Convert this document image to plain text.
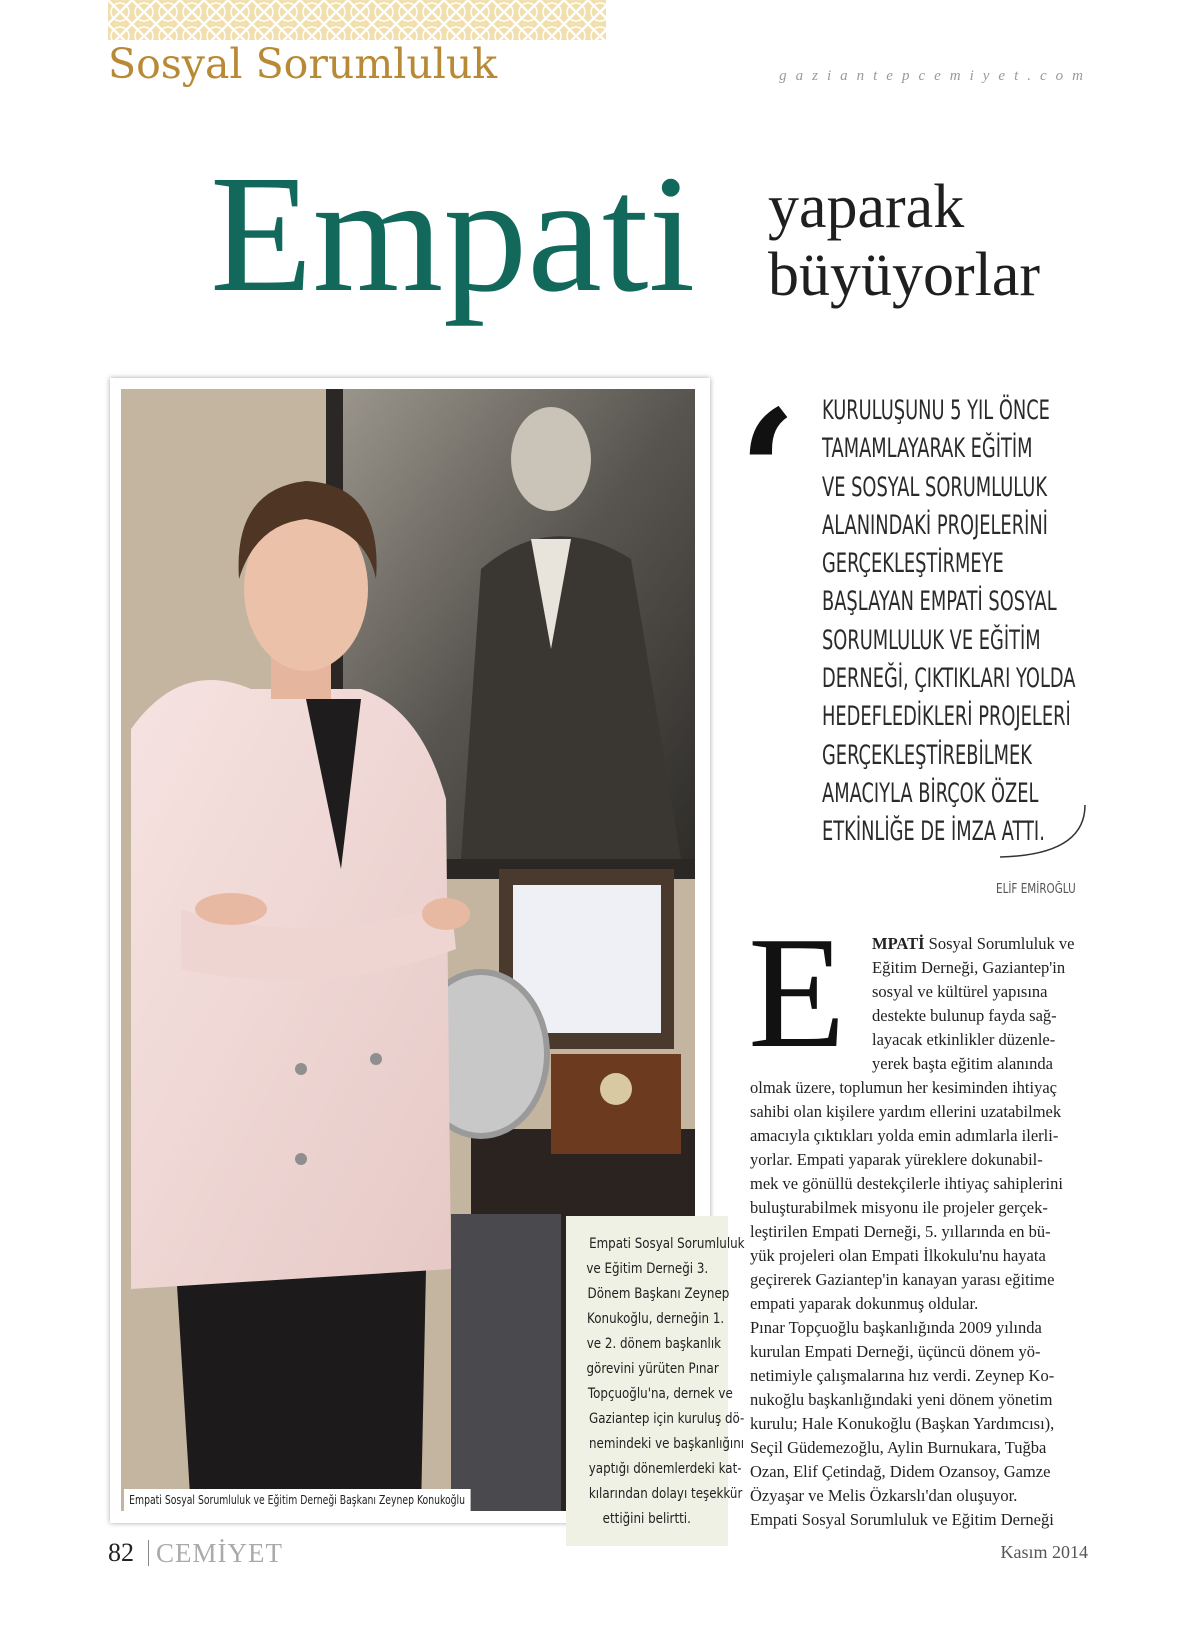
Sosyal Sorumluluk	gaziantepcemiyet.com
Empati yaparak
büyüyorlar
Empati Sosyal Sorumluluk ve Eğitim Derneği Başkanı Zeynep Konukoğlu
Empati Sosyal Sorumluluk
ve Eğitim Derneği 3.
Dönem Başkanı Zeynep
Konukoğlu, derneğin 1.
ve 2. dönem başkanlık
görevini yürüten Pınar
Topçuoğlu'na, dernek ve
Gaziantep için kuruluş dö-
nemindeki ve başkanlığını
yaptığı dönemlerdeki kat-
kılarından dolayı teşekkür
ettiğini belirtti.
‘ KURULUŞUNU 5 YIL ÖNCE
TAMAMLAYARAK EĞİTİM
VE SOSYAL SORUMLULUK
ALANINDAKİ PROJELERİNİ
GERÇEKLEŞTİRMEYE
BAŞLAYAN EMPATİ SOSYAL
SORUMLULUK VE EĞİTİM
DERNEĞİ, ÇIKTIKLARI YOLDA
HEDEFLEDİKLERİ PROJELERİ
GERÇEKLEŞTİREBİLMEK
AMACIYLA BİRÇOK ÖZEL
ETKİNLİĞE DE İMZA ATTI.
ELİF EMİROĞLU
E MPATİ Sosyal Sorumluluk ve
Eğitim Derneği, Gaziantep'in
sosyal ve kültürel yapısına
destekte bulunup fayda sağ-
layacak etkinlikler düzenle-
yerek başta eğitim alanında
olmak üzere, toplumun her kesiminden ihtiyaç
sahibi olan kişilere yardım ellerini uzatabilmek
amacıyla çıktıkları yolda emin adımlarla ilerli-
yorlar. Empati yaparak yüreklere dokunabil-
mek ve gönüllü destekçilerle ihtiyaç sahiplerini
buluşturabilmek misyonu ile projeler gerçek-
leştirilen Empati Derneği, 5. yıllarında en bü-
yük projeleri olan Empati İlkokulu'nu hayata
geçirerek Gaziantep'in kanayan yarası eğitime
empati yaparak dokunmuş oldular.
Pınar Topçuoğlu başkanlığında 2009 yılında
kurulan Empati Derneği, üçüncü dönem yö-
netimiyle çalışmalarına hız verdi. Zeynep Ko-
nukoğlu başkanlığındaki yeni dönem yönetim
kurulu; Hale Konukoğlu (Başkan Yardımcısı),
Seçil Güdemezoğlu, Aylin Burnukara, Tuğba
Ozan, Elif Çetindağ, Didem Ozansoy, Gamze
Özyaşar ve Melis Özkarslı'dan oluşuyor.
Empati Sosyal Sorumluluk ve Eğitim Derneği
82 CEMİYET	Kasım 2014
